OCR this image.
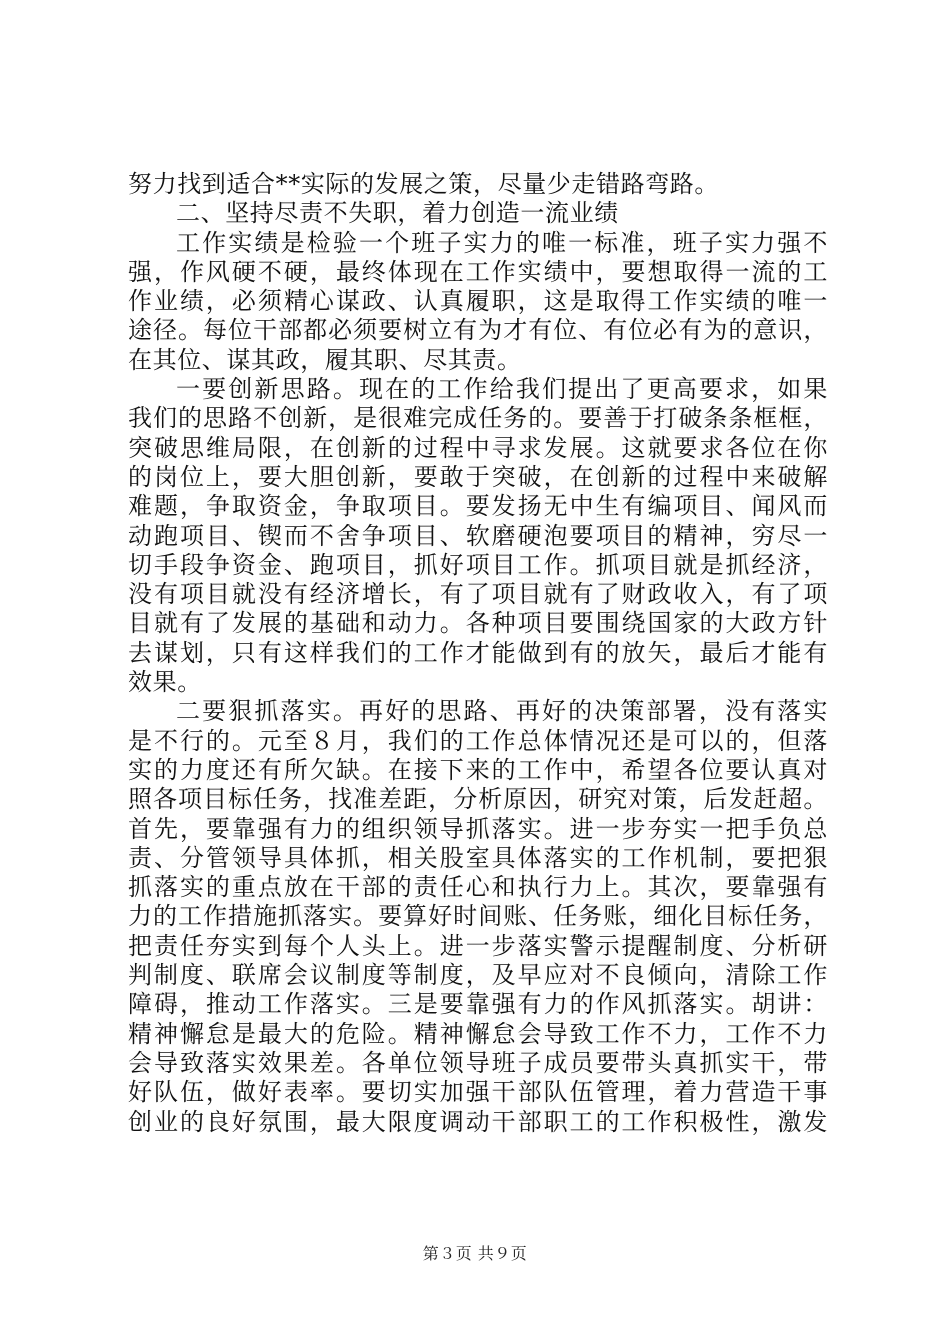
努力找到适合**实际的发展之策，尽量少走错路弯路。
二、坚持尽责不失职，着力创造一流业绩
工作实绩是检验一个班子实力的唯一标准，班子实力强不
强，作风硬不硬，最终体现在工作实绩中，要想取得一流的工
作业绩，必须精心谋政、认真履职，这是取得工作实绩的唯一
途径。每位干部都必须要树立有为才有位、有位必有为的意识，
在其位、谋其政，履其职、尽其责。
一要创新思路。现在的工作给我们提出了更高要求，如果
我们的思路不创新，是很难完成任务的。要善于打破条条框框，
突破思维局限，在创新的过程中寻求发展。这就要求各位在你
的岗位上，要大胆创新，要敢于突破，在创新的过程中来破解
难题，争取资金，争取项目。要发扬无中生有编项目、闻风而
动跑项目、锲而不舍争项目、软磨硬泡要项目的精神，穷尽一
切手段争资金、跑项目，抓好项目工作。抓项目就是抓经济，
没有项目就没有经济增长，有了项目就有了财政收入，有了项
目就有了发展的基础和动力。各种项目要围绕国家的大政方针
去谋划，只有这样我们的工作才能做到有的放矢，最后才能有
效果。
二要狠抓落实。再好的思路、再好的决策部署，没有落实
是不行的。元至８月，我们的工作总体情况还是可以的，但落
实的力度还有所欠缺。在接下来的工作中，希望各位要认真对
照各项目标任务，找准差距，分析原因，研究对策，后发赶超。
首先，要靠强有力的组织领导抓落实。进一步夯实一把手负总
责、分管领导具体抓，相关股室具体落实的工作机制，要把狠
抓落实的重点放在干部的责任心和执行力上。其次，要靠强有
力的工作措施抓落实。要算好时间账、任务账，细化目标任务，
把责任夯实到每个人头上。进一步落实警示提醒制度、分析研
判制度、联席会议制度等制度，及早应对不良倾向，清除工作
障碍，推动工作落实。三是要靠强有力的作风抓落实。胡讲：
精神懈怠是最大的危险。精神懈怠会导致工作不力，工作不力
会导致落实效果差。各单位领导班子成员要带头真抓实干，带
好队伍，做好表率。要切实加强干部队伍管理，着力营造干事
创业的良好氛围，最大限度调动干部职工的工作积极性，激发
第３页 共９页
